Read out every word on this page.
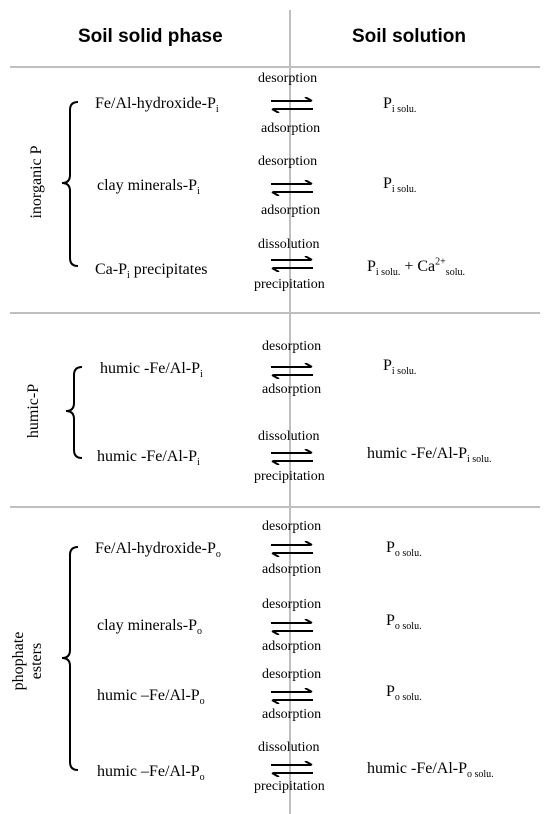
Soil solid phase	Soil solution
inorganic P
humic-P
phophate
esters
$Fe/Al-hydroxide-P_i$
desorption
adsorption
$P_{i solu.}$
clay minerals-$P_i$
desorption
adsorption
$P_{i solu.}$
$Ca-P_i$ precipitates
dissolution
precipitation
$P_{i solu.} + Ca^{2+}_{solu.}$
humic $-Fe/Al-P_i$
desorption
adsorption
$P_{i solu.}$
humic $-Fe/Al-P_i$
dissolution
precipitation
humic $-Fe/Al-P_{i solu.}$
$Fe/Al-hydroxide-P_o$
desorption
adsorption
$P_{o solu.}$
clay minerals-$P_o$
desorption
adsorption
$P_{o solu.}$
humic $-Fe/Al-P_o$
desorption
adsorption
$P_{o solu.}$
humic $-Fe/Al-P_o$
dissolution
precipitation
humic $-Fe/Al-P_{o solu.}$
